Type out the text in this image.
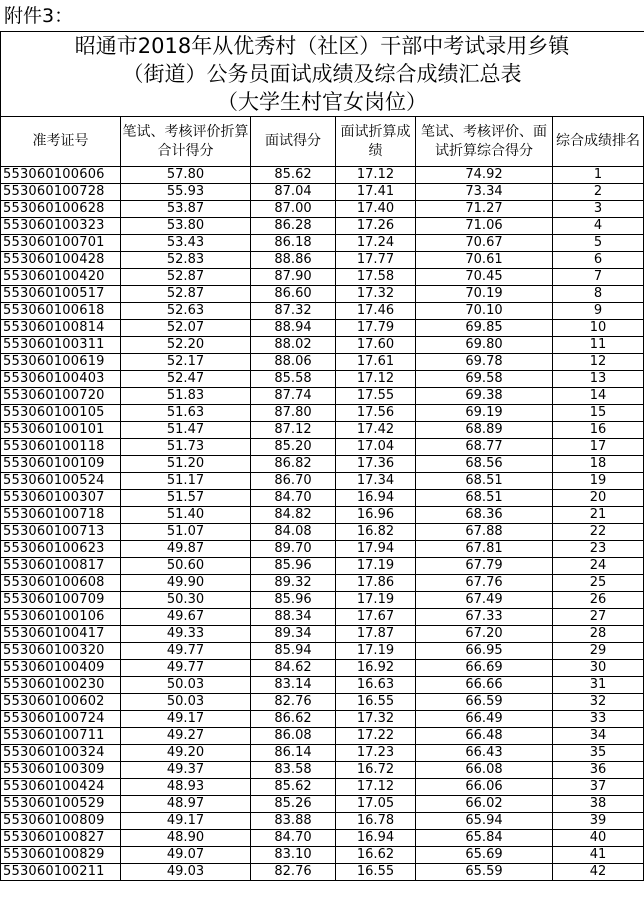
附件3：
昭通市2018年从优秀村（社区）干部中考试录用乡镇
（街道）公务员面试成绩及综合成绩汇总表
（大学生村官女岗位）
准考证号	笔试、考核评价折算合计得分	面试得分	面试折算成绩	笔试、考核评价、面试折算综合得分	综合成绩排名
553060100606	57.80	85.62	17.12	74.92	1
553060100728	55.93	87.04	17.41	73.34	2
553060100628	53.87	87.00	17.40	71.27	3
553060100323	53.80	86.28	17.26	71.06	4
553060100701	53.43	86.18	17.24	70.67	5
553060100428	52.83	88.86	17.77	70.61	6
553060100420	52.87	87.90	17.58	70.45	7
553060100517	52.87	86.60	17.32	70.19	8
553060100618	52.63	87.32	17.46	70.10	9
553060100814	52.07	88.94	17.79	69.85	10
553060100311	52.20	88.02	17.60	69.80	11
553060100619	52.17	88.06	17.61	69.78	12
553060100403	52.47	85.58	17.12	69.58	13
553060100720	51.83	87.74	17.55	69.38	14
553060100105	51.63	87.80	17.56	69.19	15
553060100101	51.47	87.12	17.42	68.89	16
553060100118	51.73	85.20	17.04	68.77	17
553060100109	51.20	86.82	17.36	68.56	18
553060100524	51.17	86.70	17.34	68.51	19
553060100307	51.57	84.70	16.94	68.51	20
553060100718	51.40	84.82	16.96	68.36	21
553060100713	51.07	84.08	16.82	67.88	22
553060100623	49.87	89.70	17.94	67.81	23
553060100817	50.60	85.96	17.19	67.79	24
553060100608	49.90	89.32	17.86	67.76	25
553060100709	50.30	85.96	17.19	67.49	26
553060100106	49.67	88.34	17.67	67.33	27
553060100417	49.33	89.34	17.87	67.20	28
553060100320	49.77	85.94	17.19	66.95	29
553060100409	49.77	84.62	16.92	66.69	30
553060100230	50.03	83.14	16.63	66.66	31
553060100602	50.03	82.76	16.55	66.59	32
553060100724	49.17	86.62	17.32	66.49	33
553060100711	49.27	86.08	17.22	66.48	34
553060100324	49.20	86.14	17.23	66.43	35
553060100309	49.37	83.58	16.72	66.08	36
553060100424	48.93	85.62	17.12	66.06	37
553060100529	48.97	85.26	17.05	66.02	38
553060100809	49.17	83.88	16.78	65.94	39
553060100827	48.90	84.70	16.94	65.84	40
553060100829	49.07	83.10	16.62	65.69	41
553060100211	49.03	82.76	16.55	65.59	42
